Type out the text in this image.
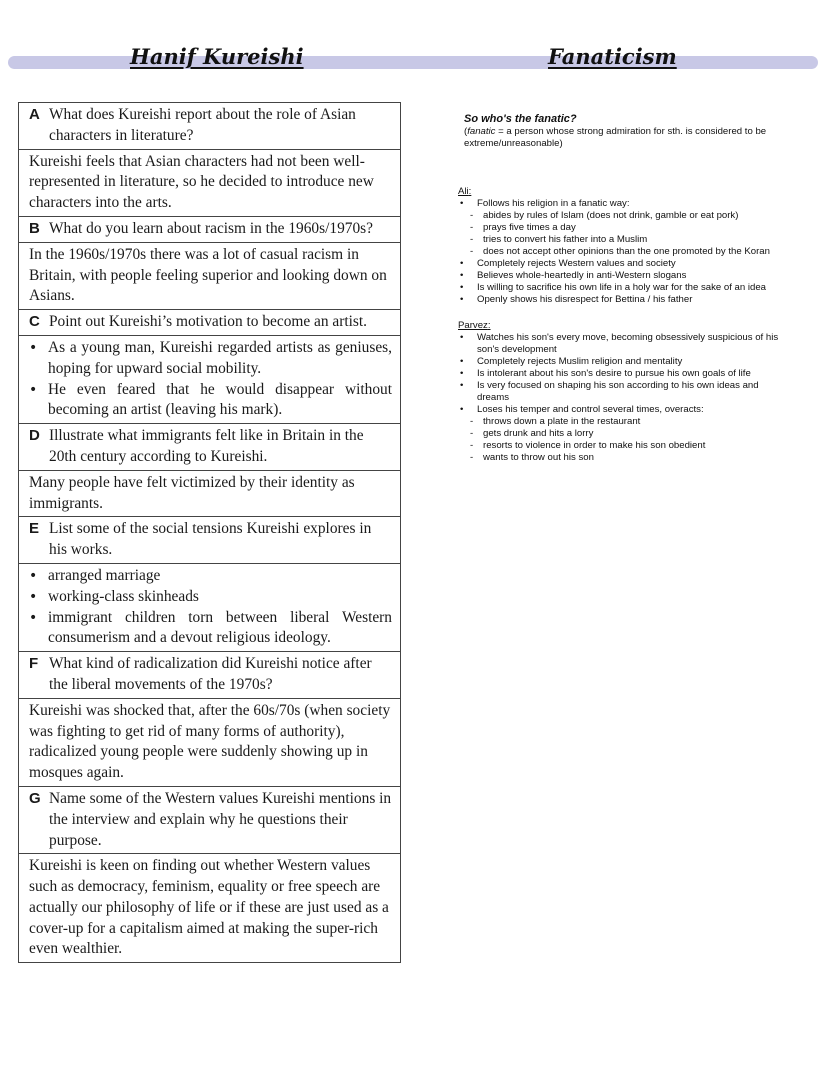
Hanif Kureishi	Fanaticism
A What does Kureishi report about the role of Asian characters in literature?
Kureishi feels that Asian characters had not been well-represented in literature, so he decided to introduce new characters into the arts.
B What do you learn about racism in the 1960s/1970s?
In the 1960s/1970s there was a lot of casual racism in Britain, with people feeling superior and looking down on Asians.
C Point out Kureishi’s motivation to become an artist.
• As a young man, Kureishi regarded artists as geniuses, hoping for upward social mobility.
• He even feared that he would disappear without becoming an artist (leaving his mark).
D Illustrate what immigrants felt like in Britain in the 20th century according to Kureishi.
Many people have felt victimized by their identity as immigrants.
E List some of the social tensions Kureishi explores in his works.
• arranged marriage
• working-class skinheads
• immigrant children torn between liberal Western consumerism and a devout religious ideology.
F What kind of radicalization did Kureishi notice after the liberal movements of the 1970s?
Kureishi was shocked that, after the 60s/70s (when society was fighting to get rid of many forms of authority), radicalized young people were suddenly showing up in mosques again.
G Name some of the Western values Kureishi mentions in the interview and explain why he questions their purpose.
Kureishi is keen on finding out whether Western values such as democracy, feminism, equality or free speech are actually our philosophy of life or if these are just used as a cover-up for a capitalism aimed at making the super-rich even wealthier.
So who's the fanatic?
(fanatic = a person whose strong admiration for sth. is considered to be extreme/unreasonable)
Ali:
• Follows his religion in a fanatic way:
- abides by rules of Islam (does not drink, gamble or eat pork)
- prays five times a day
- tries to convert his father into a Muslim
- does not accept other opinions than the one promoted by the Koran
• Completely rejects Western values and society
• Believes whole-heartedly in anti-Western slogans
• Is willing to sacrifice his own life in a holy war for the sake of an idea
• Openly shows his disrespect for Bettina / his father
Parvez:
• Watches his son's every move, becoming obsessively suspicious of his son's development
• Completely rejects Muslim religion and mentality
• Is intolerant about his son's desire to pursue his own goals of life
• Is very focused on shaping his son according to his own ideas and dreams
• Loses his temper and control several times, overacts:
- throws down a plate in the restaurant
- gets drunk and hits a lorry
- resorts to violence in order to make his son obedient
- wants to throw out his son
